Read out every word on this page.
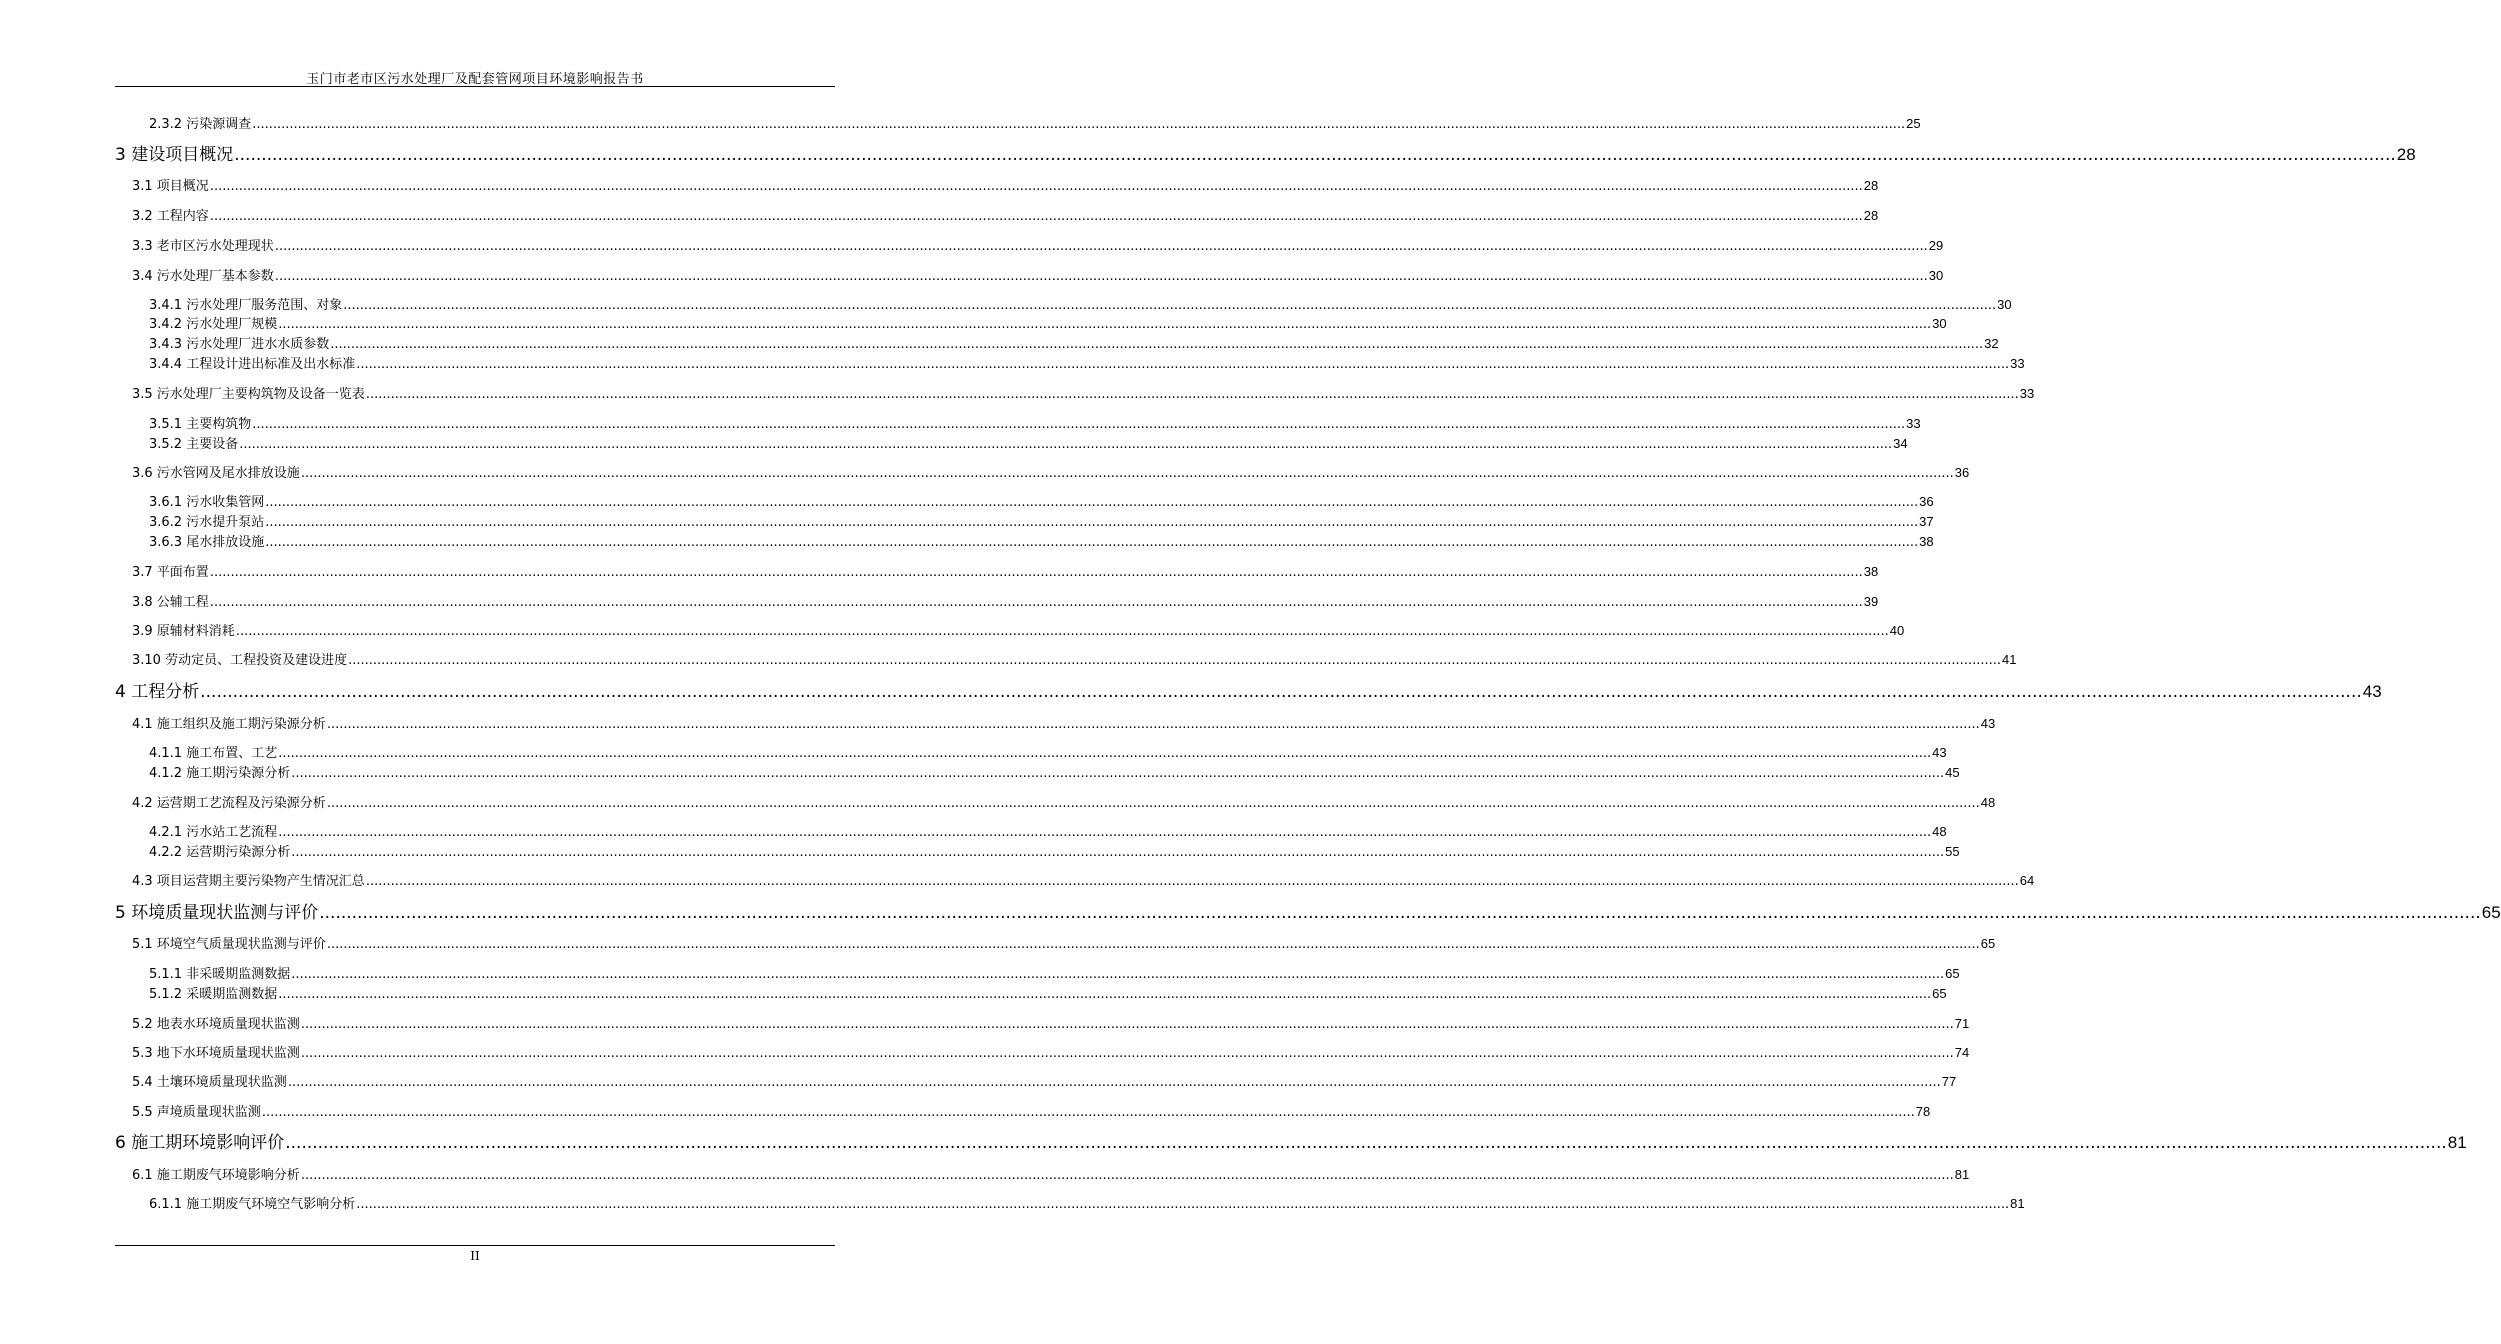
玉门市老市区污水处理厂及配套管网项目环境影响报告书
2.3.2 污染源调查 ................................................................................................................................................................................................................................................................................................................................................................................................................ 25
3 建设项目概况 ................................................................................................................................................................................................................................................................................................................................................................................................................ 28
3.1 项目概况 ................................................................................................................................................................................................................................................................................................................................................................................................................ 28
3.2 工程内容 ................................................................................................................................................................................................................................................................................................................................................................................................................ 28
3.3 老市区污水处理现状 ................................................................................................................................................................................................................................................................................................................................................................................................................ 29
3.4 污水处理厂基本参数 ................................................................................................................................................................................................................................................................................................................................................................................................................ 30
3.4.1 污水处理厂服务范围、对象 ................................................................................................................................................................................................................................................................................................................................................................................................................ 30
3.4.2 污水处理厂规模 ................................................................................................................................................................................................................................................................................................................................................................................................................ 30
3.4.3 污水处理厂进水水质参数 ................................................................................................................................................................................................................................................................................................................................................................................................................ 32
3.4.4 工程设计进出标准及出水标准 ................................................................................................................................................................................................................................................................................................................................................................................................................ 33
3.5 污水处理厂主要构筑物及设备一览表 ................................................................................................................................................................................................................................................................................................................................................................................................................ 33
3.5.1 主要构筑物 ................................................................................................................................................................................................................................................................................................................................................................................................................ 33
3.5.2 主要设备 ................................................................................................................................................................................................................................................................................................................................................................................................................ 34
3.6 污水管网及尾水排放设施 ................................................................................................................................................................................................................................................................................................................................................................................................................ 36
3.6.1 污水收集管网 ................................................................................................................................................................................................................................................................................................................................................................................................................ 36
3.6.2 污水提升泵站 ................................................................................................................................................................................................................................................................................................................................................................................................................ 37
3.6.3 尾水排放设施 ................................................................................................................................................................................................................................................................................................................................................................................................................ 38
3.7 平面布置 ................................................................................................................................................................................................................................................................................................................................................................................................................ 38
3.8 公辅工程 ................................................................................................................................................................................................................................................................................................................................................................................................................ 39
3.9 原辅材料消耗 ................................................................................................................................................................................................................................................................................................................................................................................................................ 40
3.10 劳动定员、工程投资及建设进度 ................................................................................................................................................................................................................................................................................................................................................................................................................ 41
4 工程分析 ................................................................................................................................................................................................................................................................................................................................................................................................................ 43
4.1 施工组织及施工期污染源分析 ................................................................................................................................................................................................................................................................................................................................................................................................................ 43
4.1.1 施工布置、工艺 ................................................................................................................................................................................................................................................................................................................................................................................................................ 43
4.1.2 施工期污染源分析 ................................................................................................................................................................................................................................................................................................................................................................................................................ 45
4.2 运营期工艺流程及污染源分析 ................................................................................................................................................................................................................................................................................................................................................................................................................ 48
4.2.1 污水站工艺流程 ................................................................................................................................................................................................................................................................................................................................................................................................................ 48
4.2.2 运营期污染源分析 ................................................................................................................................................................................................................................................................................................................................................................................................................ 55
4.3 项目运营期主要污染物产生情况汇总 ................................................................................................................................................................................................................................................................................................................................................................................................................ 64
5 环境质量现状监测与评价 ................................................................................................................................................................................................................................................................................................................................................................................................................ 65
5.1 环境空气质量现状监测与评价 ................................................................................................................................................................................................................................................................................................................................................................................................................ 65
5.1.1 非采暖期监测数据 ................................................................................................................................................................................................................................................................................................................................................................................................................ 65
5.1.2 采暖期监测数据 ................................................................................................................................................................................................................................................................................................................................................................................................................ 65
5.2 地表水环境质量现状监测 ................................................................................................................................................................................................................................................................................................................................................................................................................ 71
5.3 地下水环境质量现状监测 ................................................................................................................................................................................................................................................................................................................................................................................................................ 74
5.4 土壤环境质量现状监测 ................................................................................................................................................................................................................................................................................................................................................................................................................ 77
5.5 声境质量现状监测 ................................................................................................................................................................................................................................................................................................................................................................................................................ 78
6 施工期环境影响评价 ................................................................................................................................................................................................................................................................................................................................................................................................................ 81
6.1 施工期废气环境影响分析 ................................................................................................................................................................................................................................................................................................................................................................................................................ 81
6.1.1 施工期废气环境空气影响分析 ................................................................................................................................................................................................................................................................................................................................................................................................................ 81
II
